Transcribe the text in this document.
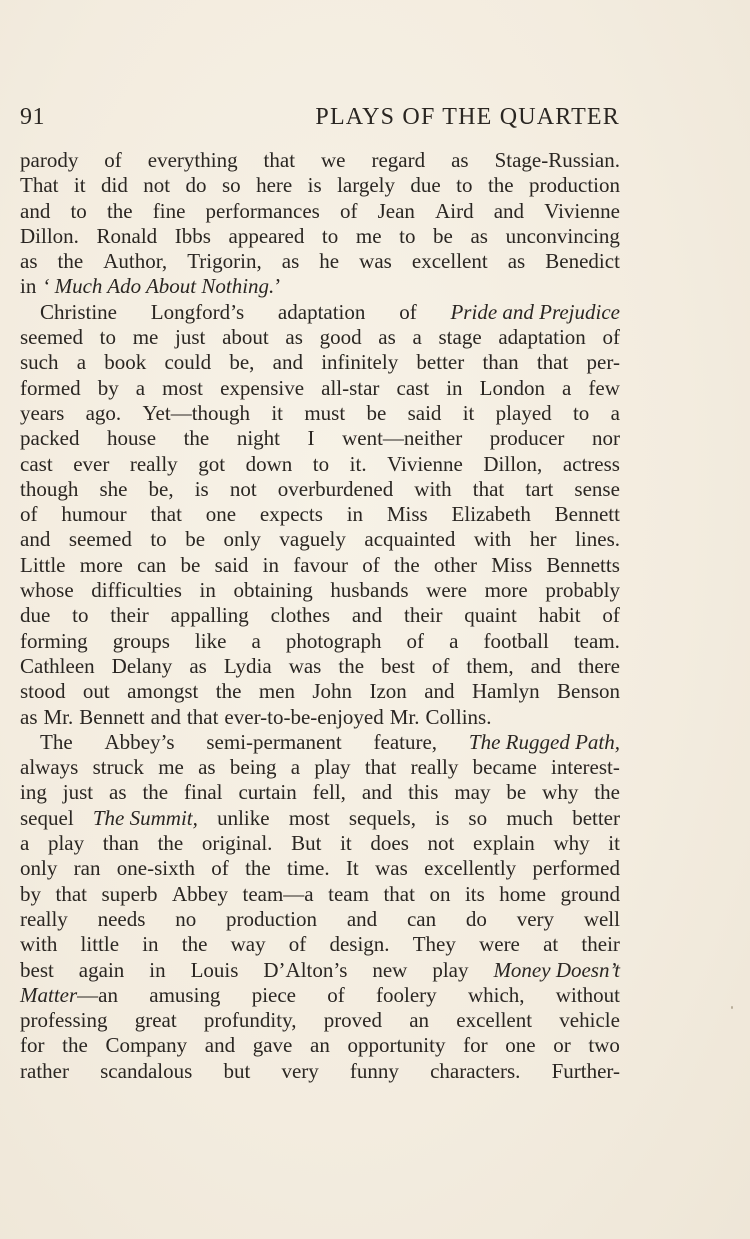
91	PLAYS OF THE QUARTER
parody of everything that we regard as Stage-Russian.
That it did not do so here is largely due to the production
and to the fine performances of Jean Aird and Vivienne
Dillon. Ronald Ibbs appeared to me to be as unconvincing
as the Author, Trigorin, as he was excellent as Benedict
in ‘ Much Ado About Nothing.’
Christine Longford’s adaptation of Pride and Prejudice
seemed to me just about as good as a stage adaptation of
such a book could be, and infinitely better than that per-
formed by a most expensive all-star cast in London a few
years ago. Yet—though it must be said it played to a
packed house the night I went—neither producer nor
cast ever really got down to it. Vivienne Dillon, actress
though she be, is not overburdened with that tart sense
of humour that one expects in Miss Elizabeth Bennett
and seemed to be only vaguely acquainted with her lines.
Little more can be said in favour of the other Miss Bennetts
whose difficulties in obtaining husbands were more probably
due to their appalling clothes and their quaint habit of
forming groups like a photograph of a football team.
Cathleen Delany as Lydia was the best of them, and there
stood out amongst the men John Izon and Hamlyn Benson
as Mr. Bennett and that ever-to-be-enjoyed Mr. Collins.
The Abbey’s semi-permanent feature, The Rugged Path,
always struck me as being a play that really became interest-
ing just as the final curtain fell, and this may be why the
sequel The Summit, unlike most sequels, is so much better
a play than the original. But it does not explain why it
only ran one-sixth of the time. It was excellently performed
by that superb Abbey team—a team that on its home ground
really needs no production and can do very well
with little in the way of design. They were at their
best again in Louis D’Alton’s new play Money Doesn’t
Matter—an amusing piece of foolery which, without
professing great profundity, proved an excellent vehicle
for the Company and gave an opportunity for one or two
rather scandalous but very funny characters. Further-
